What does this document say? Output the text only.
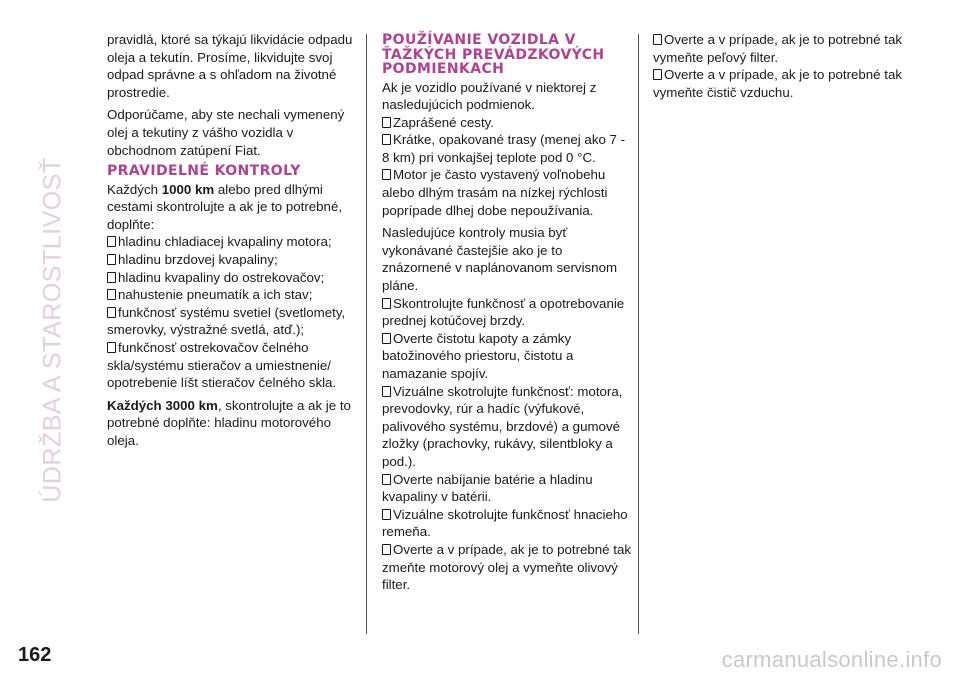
ÚDRŽBA A STAROSTLIVOSŤ
162	carmanualsonline.info

pravidlá, ktoré sa týkajú likvidácie odpadu oleja a tekutín. Prosíme, likvidujte svoj odpad správne a s ohľadom na životné prostredie.

Odporúčame, aby ste nechali vymenený olej a tekutiny z vášho vozidla v obchodnom zatúpení Fiat.

PRAVIDELNÉ KONTROLY

Každých 1000 km alebo pred dlhými cestami skontrolujte a ak je to potrebné, doplňte:

hladinu chladiacej kvapaliny motora;
hladinu brzdovej kvapaliny;
hladinu kvapaliny do ostrekovačov;
nahustenie pneumatík a ich stav;
funkčnosť systému svetiel (svetlomety, smerovky, výstražné svetlá, atď.);
funkčnosť ostrekovačov čelného skla/systému stieračov a umiestnenie/ opotrebenie líšt stieračov čelného skla.

Každých 3000 km, skontrolujte a ak je to potrebné doplňte: hladinu motorového oleja.

POUŽÍVANIE VOZIDLA V ŤAŽKÝCH PREVÁDZKOVÝCH PODMIENKACH

Ak je vozidlo používané v niektorej z nasledujúcich podmienok.

Zaprášené cesty.
Krátke, opakované trasy (menej ako 7 - 8 km) pri vonkajšej teplote pod 0 °C.
Motor je často vystavený voľnobehu alebo dlhým trasám na nízkej rýchlosti poprípade dlhej dobe nepoužívania.

Nasledujúce kontroly musia byť vykonávané častejšie ako je to znázornené v naplánovanom servisnom pláne.

Skontrolujte funkčnosť a opotrebovanie prednej kotúčovej brzdy.
Overte čistotu kapoty a zámky batožinového priestoru, čistotu a namazanie spojív.
Vizuálne skotrolujte funkčnosť: motora, prevodovky, rúr a hadíc (výfukové, palivového systému, brzdové) a gumové zložky (prachovky, rukávy, silentbloky a pod.).
Overte nabíjanie batérie a hladinu kvapaliny v batérii.
Vizuálne skotrolujte funkčnosť hnacieho remeňa.
Overte a v prípade, ak je to potrebné tak zmeňte motorový olej a vymeňte olivový filter.
Overte a v prípade, ak je to potrebné tak vymeňte peľový filter.
Overte a v prípade, ak je to potrebné tak vymeňte čistič vzduchu.
